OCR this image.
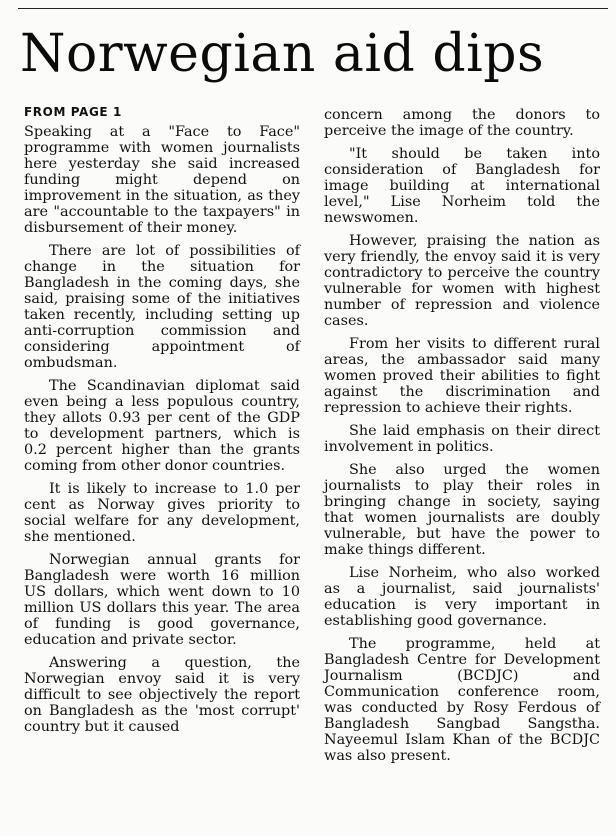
Norwegian aid dips
FROM PAGE 1

Speaking at a "Face to Face" programme with women journalists here yesterday she said increased funding might depend on improvement in the situation, as they are "accountable to the taxpayers" in disbursement of their money.

There are lot of possibilities of change in the situation for Bangladesh in the coming days, she said, praising some of the initiatives taken recently, including setting up anti-corruption commission and considering appointment of ombudsman.

The Scandinavian diplomat said even being a less populous country, they allots 0.93 per cent of the GDP to development partners, which is 0.2 percent higher than the grants coming from other donor countries.

It is likely to increase to 1.0 per cent as Norway gives priority to social welfare for any development, she mentioned.

Norwegian annual grants for Bangladesh were worth 16 million US dollars, which went down to 10 million US dollars this year. The area of funding is good governance, education and private sector.

Answering a question, the Norwegian envoy said it is very difficult to see objectively the report on Bangladesh as the 'most corrupt' country but it caused

concern among the donors to perceive the image of the country.

"It should be taken into consideration of Bangladesh for image building at international level," Lise Norheim told the newswomen.

However, praising the nation as very friendly, the envoy said it is very contradictory to perceive the country vulnerable for women with highest number of repression and violence cases.

From her visits to different rural areas, the ambassador said many women proved their abilities to fight against the discrimination and repression to achieve their rights.

She laid emphasis on their direct involvement in politics.

She also urged the women journalists to play their roles in bringing change in society, saying that women journalists are doubly vulnerable, but have the power to make things different.

Lise Norheim, who also worked as a journalist, said journalists' education is very important in establishing good governance.

The programme, held at Bangladesh Centre for Development Journalism (BCDJC) and Communication conference room, was conducted by Rosy Ferdous of Bangladesh Sangbad Sangstha. Nayeemul Islam Khan of the BCDJC was also present.
